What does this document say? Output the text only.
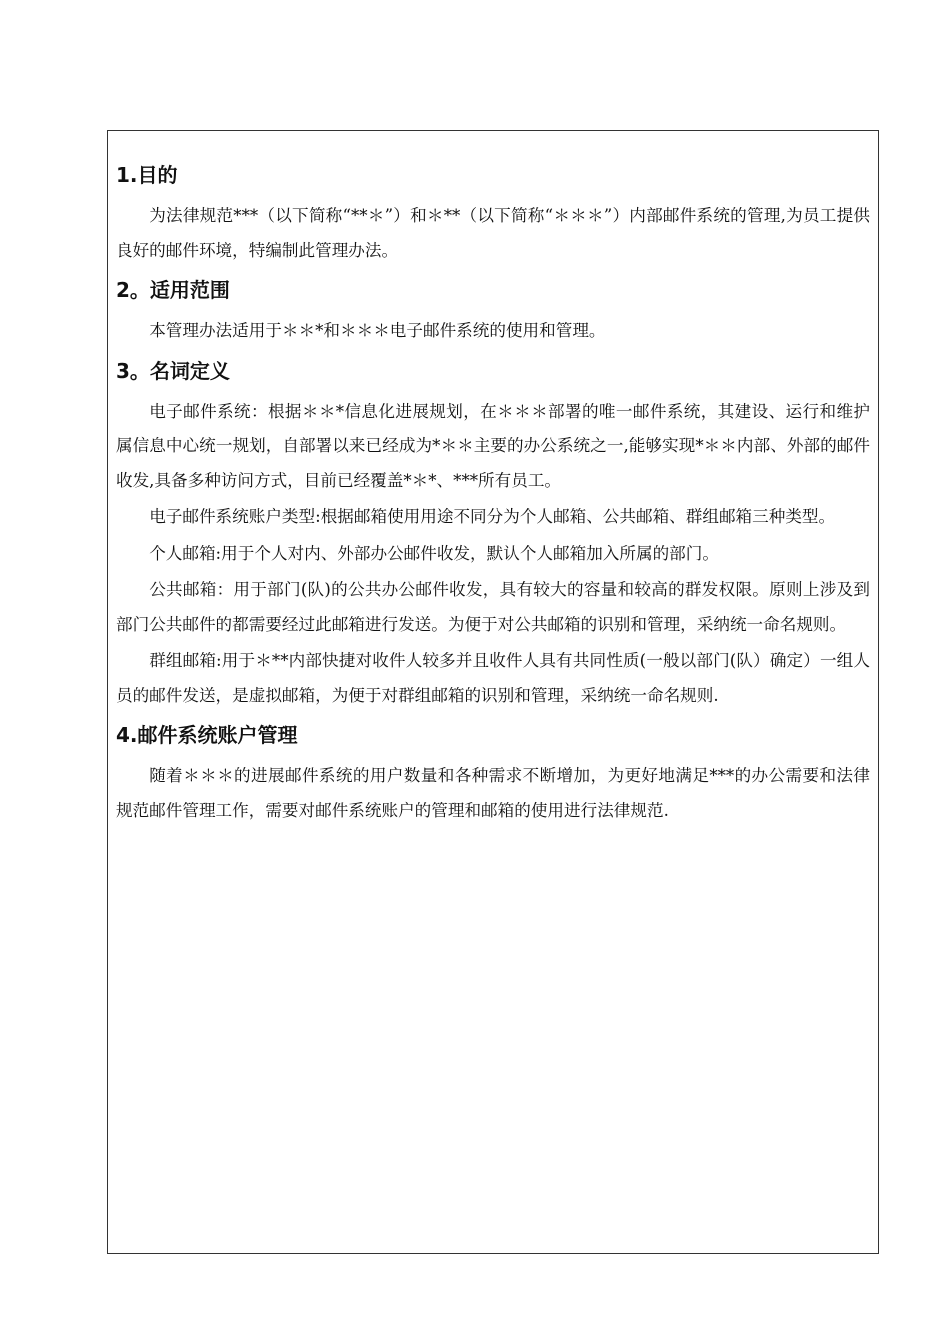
1.目的

为法律规范***（以下简称“**＊”）和＊**（以下简称“＊＊＊”）内部邮件系统的管理,为员工提供良好的邮件环境，特编制此管理办法。

2。适用范围

本管理办法适用于＊＊*和＊＊＊电子邮件系统的使用和管理。

3。名词定义

电子邮件系统：根据＊＊*信息化进展规划，在＊＊＊部署的唯一邮件系统，其建设、运行和维护属信息中心统一规划，自部署以来已经成为*＊＊主要的办公系统之一,能够实现*＊＊内部、外部的邮件收发,具备多种访问方式，目前已经覆盖*＊*、***所有员工。

电子邮件系统账户类型:根据邮箱使用用途不同分为个人邮箱、公共邮箱、群组邮箱三种类型。

个人邮箱:用于个人对内、外部办公邮件收发，默认个人邮箱加入所属的部门。

公共邮箱：用于部门(队)的公共办公邮件收发，具有较大的容量和较高的群发权限。原则上涉及到部门公共邮件的都需要经过此邮箱进行发送。为便于对公共邮箱的识别和管理，采纳统一命名规则。

群组邮箱:用于＊**内部快捷对收件人较多并且收件人具有共同性质(一般以部门(队）确定）一组人员的邮件发送，是虚拟邮箱，为便于对群组邮箱的识别和管理，采纳统一命名规则.

4.邮件系统账户管理

随着＊＊＊的进展邮件系统的用户数量和各种需求不断增加，为更好地满足***的办公需要和法律规范邮件管理工作，需要对邮件系统账户的管理和邮箱的使用进行法律规范.
